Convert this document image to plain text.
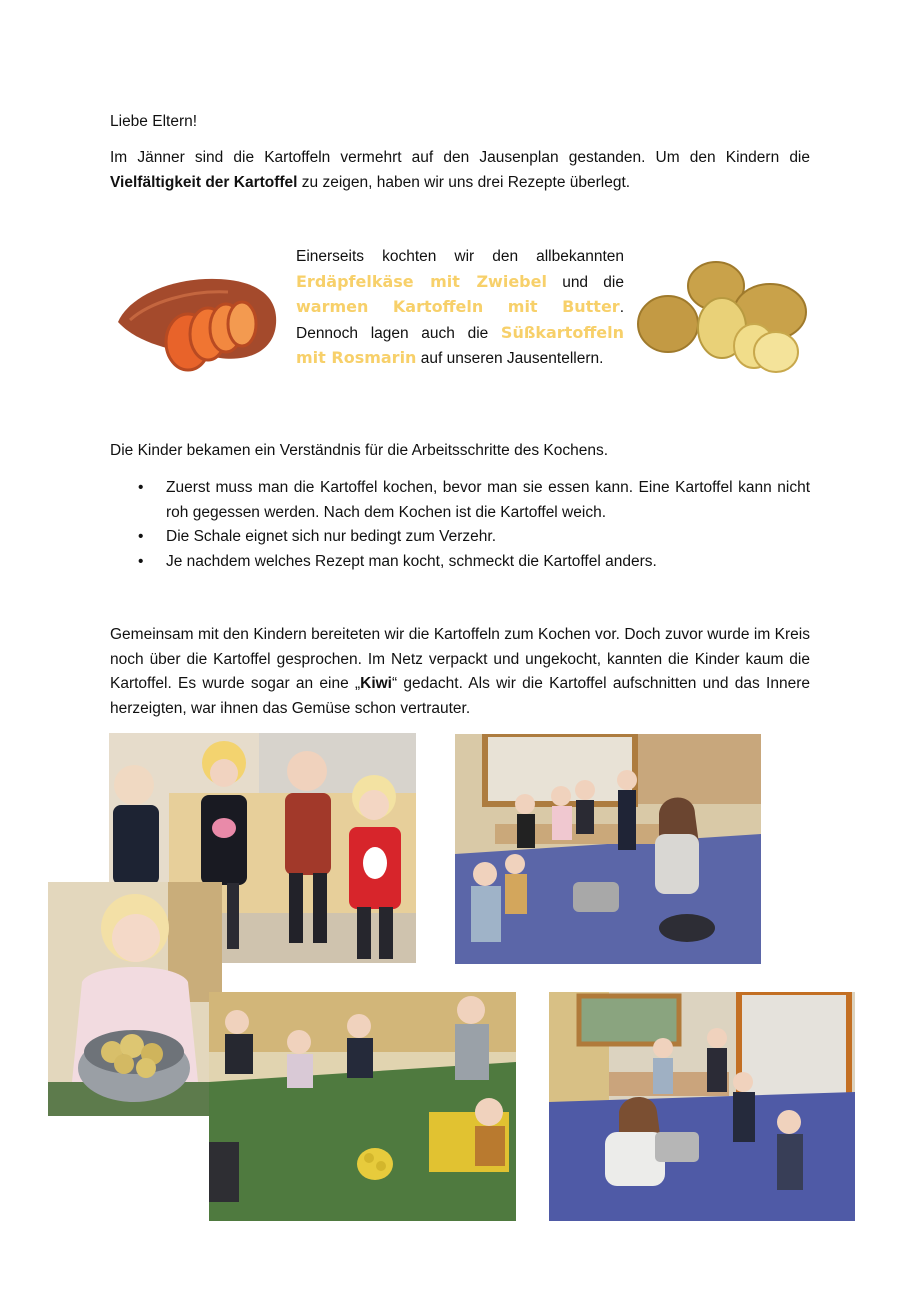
Liebe Eltern!
Im Jänner sind die Kartoffeln vermehrt auf den Jausenplan gestanden. Um den Kindern die Vielfältigkeit der Kartoffel zu zeigen, haben wir uns drei Rezepte überlegt.
Einerseits kochten wir den allbekannten Erdäpfelkäse mit Zwiebel und die warmen Kartoffeln mit Butter. Dennoch lagen auch die Süßkartoffeln mit Rosmarin auf unseren Jausentellern.
Die Kinder bekamen ein Verständnis für die Arbeitsschritte des Kochens.
• Zuerst muss man die Kartoffel kochen, bevor man sie essen kann. Eine Kartoffel kann nicht roh gegessen werden. Nach dem Kochen ist die Kartoffel weich.
• Die Schale eignet sich nur bedingt zum Verzehr.
• Je nachdem welches Rezept man kocht, schmeckt die Kartoffel anders.
Gemeinsam mit den Kindern bereiteten wir die Kartoffeln zum Kochen vor. Doch zuvor wurde im Kreis noch über die Kartoffel gesprochen. Im Netz verpackt und ungekocht, kannten die Kinder kaum die Kartoffel. Es wurde sogar an eine „Kiwi“ gedacht. Als wir die Kartoffel aufschnitten und das Innere herzeigten, war ihnen das Gemüse schon vertrauter.
